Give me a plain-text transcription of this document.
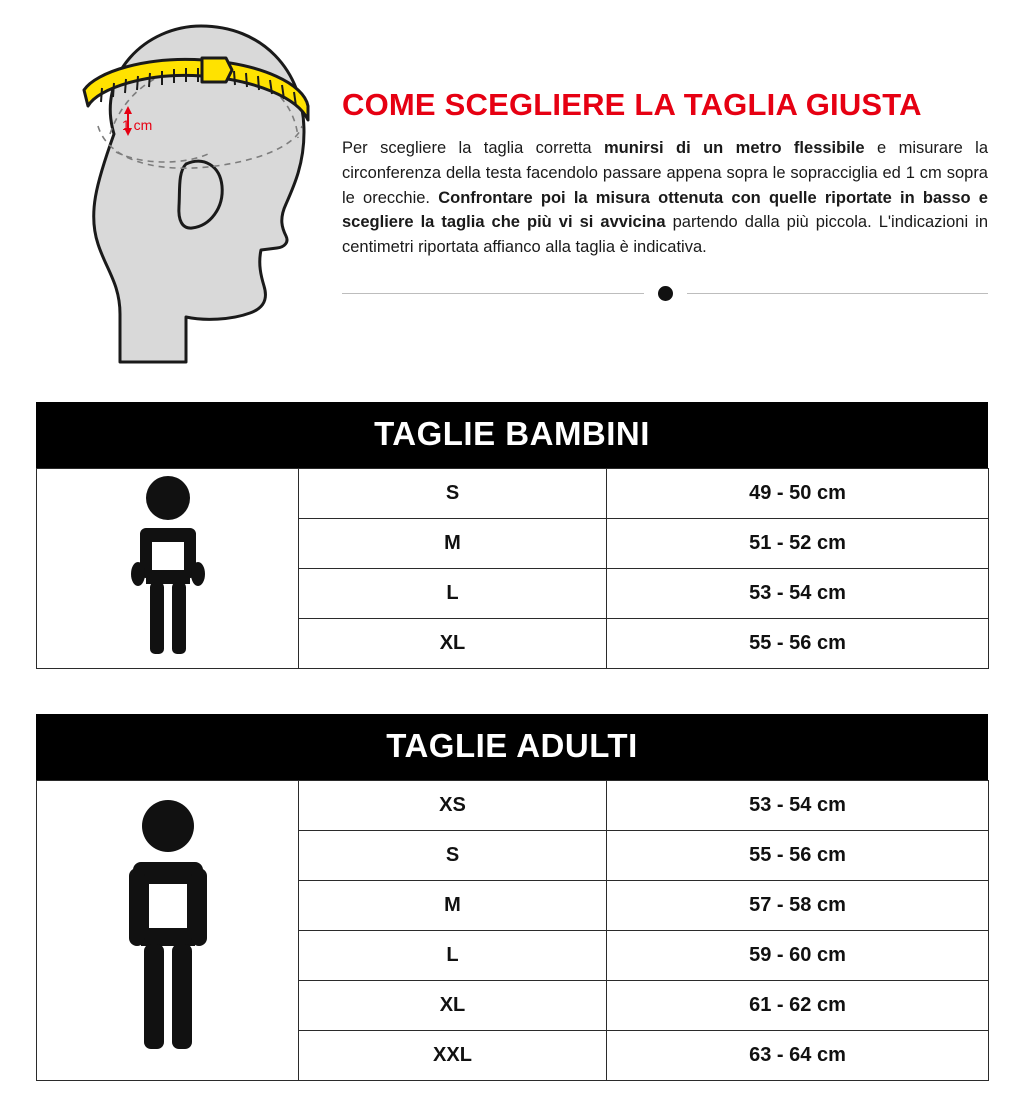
1 cm
COME SCEGLIERE LA TAGLIA GIUSTA

Per scegliere la taglia corretta munirsi di un metro flessibile e misurare la circonferenza della testa facendolo passare appena sopra le sopracciglia ed 1 cm sopra le orecchie. Confrontare poi la misura ottenuta con quelle riportate in basso e scegliere la taglia che più vi si avvicina partendo dalla più piccola. L'indicazioni in centimetri riportata affianco alla taglia è indicativa.

TAGLIE BAMBINI
	S	49 - 50 cm
	M	51 - 52 cm
	L	53 - 54 cm
	XL	55 - 56 cm
TAGLIE ADULTI
	XS	53 - 54 cm
	S	55 - 56 cm
	M	57 - 58 cm
	L	59 - 60 cm
	XL	61 - 62 cm
	XXL	63 - 64 cm
